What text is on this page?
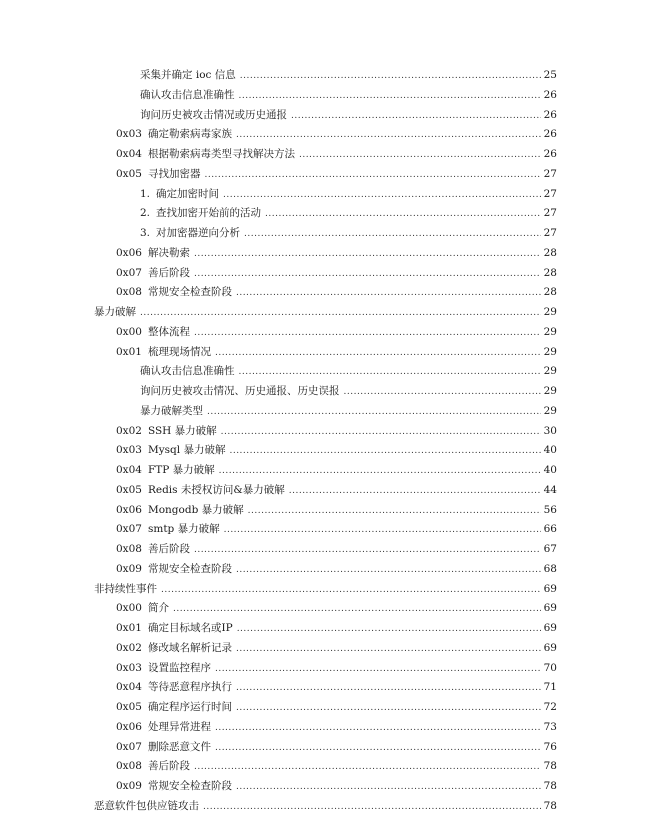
采集并确定 ioc 信息 .....	25
确认攻击信息准确性 .....	26
询问历史被攻击情况或历史通报 .....	26
0x03 确定勒索病毒家族 .....	26
0x04 根据勒索病毒类型寻找解决方法 .....	26
0x05 寻找加密器 .....	27
1. 确定加密时间 .....	27
2. 查找加密开始前的活动 .....	27
3. 对加密器逆向分析 .....	27
0x06 解决勒索 .....	28
0x07 善后阶段 .....	28
0x08 常规安全检查阶段 .....	28
暴力破解 .....	29
0x00 整体流程 .....	29
0x01 梳理现场情况 .....	29
确认攻击信息准确性 .....	29
询问历史被攻击情况、历史通报、历史误报 .....	29
暴力破解类型 .....	29
0x02 SSH 暴力破解 .....	30
0x03 Mysql 暴力破解 .....	40
0x04 FTP 暴力破解 .....	40
0x05 Redis 未授权访问&暴力破解 .....	44
0x06 Mongodb 暴力破解 .....	56
0x07 smtp 暴力破解 .....	66
0x08 善后阶段 .....	67
0x09 常规安全检查阶段 .....	68
非持续性事件 .....	69
0x00 简介 .....	69
0x01 确定目标域名或IP .....	69
0x02 修改域名解析记录 .....	69
0x03 设置监控程序 .....	70
0x04 等待恶意程序执行 .....	71
0x05 确定程序运行时间 .....	72
0x06 处理异常进程 .....	73
0x07 删除恶意文件 .....	76
0x08 善后阶段 .....	78
0x09 常规安全检查阶段 .....	78
恶意软件包供应链攻击 .....	78
